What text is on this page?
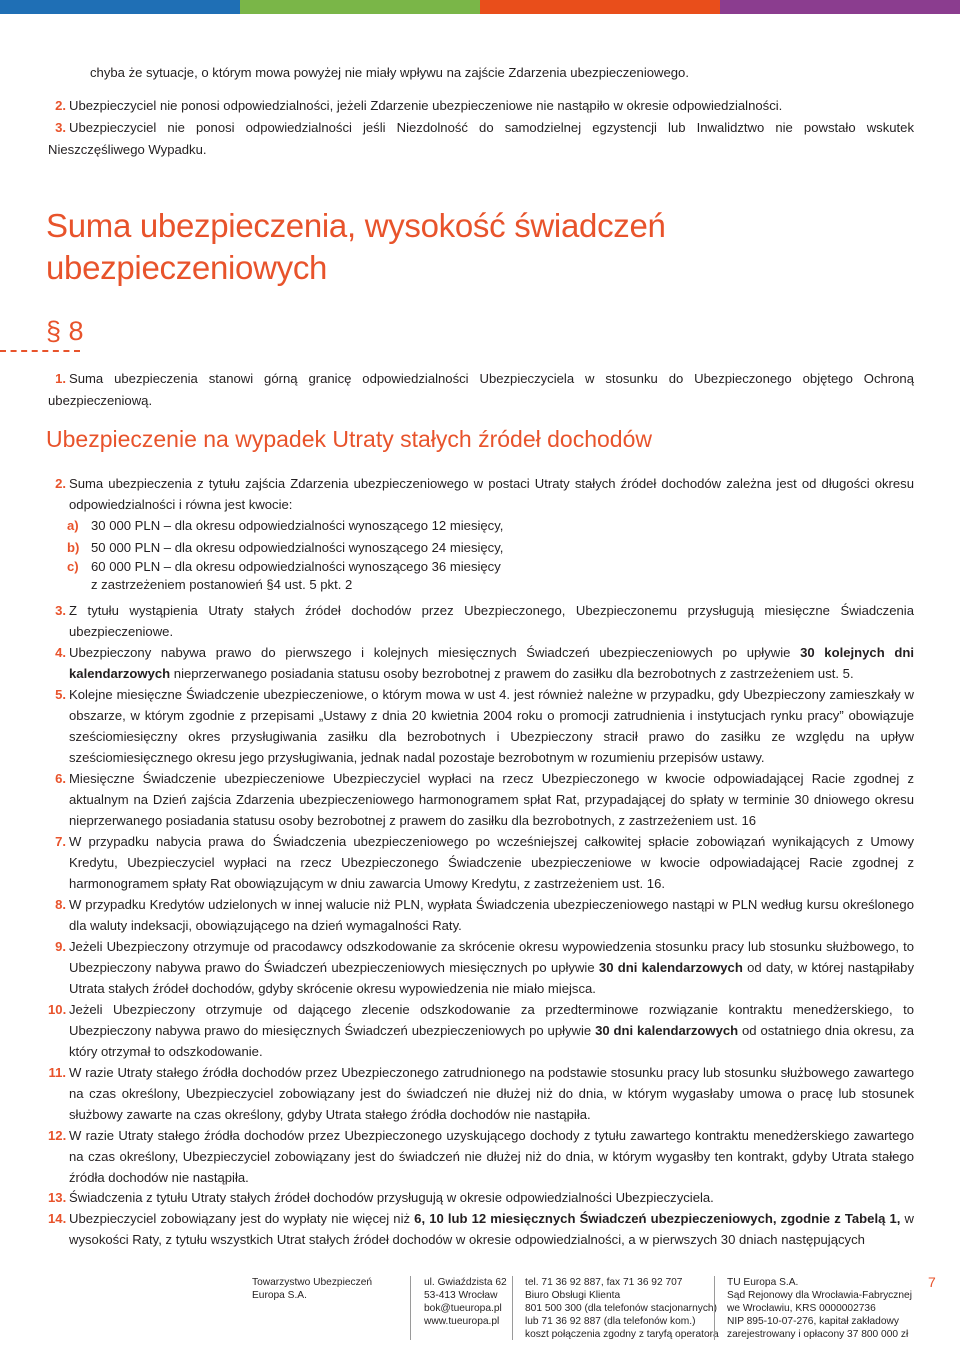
chyba że sytuacje, o którym mowa powyżej nie miały wpływu na zajście Zdarzenia ubezpieczeniowego.

2. Ubezpieczyciel nie ponosi odpowiedzialności, jeżeli Zdarzenie ubezpieczeniowe nie nastąpiło w okresie odpowiedzialności.
3. Ubezpieczyciel nie ponosi odpowiedzialności jeśli Niezdolność do samodzielnej egzystencji lub Inwalidztwo nie powstało wskutek Nieszczęśliwego Wypadku.
Suma ubezpieczenia, wysokość świadczeń ubezpieczeniowych
§ 8
1. Suma ubezpieczenia stanowi górną granicę odpowiedzialności Ubezpieczyciela w stosunku do Ubezpieczonego objętego Ochroną ubezpieczeniową.
Ubezpieczenie na wypadek Utraty stałych źródeł dochodów
2. Suma ubezpieczenia z tytułu zajścia Zdarzenia ubezpieczeniowego w postaci Utraty stałych źródeł dochodów zależna jest od długości okresu odpowiedzialności i równa jest kwocie:
a) 30 000 PLN – dla okresu odpowiedzialności wynoszącego 12 miesięcy,
b) 50 000 PLN – dla okresu odpowiedzialności wynoszącego 24 miesięcy,
c) 60 000 PLN – dla okresu odpowiedzialności wynoszącego 36 miesięcy
z zastrzeżeniem postanowień §4 ust. 5 pkt. 2
3. Z tytułu wystąpienia Utraty stałych źródeł dochodów przez Ubezpieczonego, Ubezpieczonemu przysługują miesięczne Świadczenia ubezpieczeniowe.
4. Ubezpieczony nabywa prawo do pierwszego i kolejnych miesięcznych Świadczeń ubezpieczeniowych po upływie 30 kolejnych dni kalendarzowych nieprzerwanego posiadania statusu osoby bezrobotnej z prawem do zasiłku dla bezrobotnych z zastrzeżeniem ust. 5.
5. Kolejne miesięczne Świadczenie ubezpieczeniowe, o którym mowa w ust 4. jest również należne w przypadku, gdy Ubezpieczony zamieszkały w obszarze, w którym zgodnie z przepisami „Ustawy z dnia 20 kwietnia 2004 roku o promocji zatrudnienia i instytucjach rynku pracy” obowiązuje sześciomiesięczny okres przysługiwania zasiłku dla bezrobotnych i Ubezpieczony stracił prawo do zasiłku ze względu na upływ sześciomiesięcznego okresu jego przysługiwania, jednak nadal pozostaje bezrobotnym w rozumieniu przepisów ustawy.
6. Miesięczne Świadczenie ubezpieczeniowe Ubezpieczyciel wypłaci na rzecz Ubezpieczonego w kwocie odpowiadającej Racie zgodnej z aktualnym na Dzień zajścia Zdarzenia ubezpieczeniowego harmonogramem spłat Rat, przypadającej do spłaty w terminie 30 dniowego okresu nieprzerwanego posiadania statusu osoby bezrobotnej z prawem do zasiłku dla bezrobotnych, z zastrzeżeniem ust. 16
7. W przypadku nabycia prawa do Świadczenia ubezpieczeniowego po wcześniejszej całkowitej spłacie zobowiązań wynikających z Umowy Kredytu, Ubezpieczyciel wypłaci na rzecz Ubezpieczonego Świadczenie ubezpieczeniowe w kwocie odpowiadającej Racie zgodnej z harmonogramem spłaty Rat obowiązującym w dniu zawarcia Umowy Kredytu, z zastrzeżeniem ust. 16.
8. W przypadku Kredytów udzielonych w innej walucie niż PLN, wypłata Świadczenia ubezpieczeniowego nastąpi w PLN według kursu określonego dla waluty indeksacji, obowiązującego na dzień wymagalności Raty.
9. Jeżeli Ubezpieczony otrzymuje od pracodawcy odszkodowanie za skrócenie okresu wypowiedzenia stosunku pracy lub stosunku służbowego, to Ubezpieczony nabywa prawo do Świadczeń ubezpieczeniowych miesięcznych po upływie 30 dni kalendarzowych od daty, w której nastąpiłaby Utrata stałych źródeł dochodów, gdyby skrócenie okresu wypowiedzenia nie miało miejsca.
10. Jeżeli Ubezpieczony otrzymuje od dającego zlecenie odszkodowanie za przedterminowe rozwiązanie kontraktu menedżerskiego, to Ubezpieczony nabywa prawo do miesięcznych Świadczeń ubezpieczeniowych po upływie 30 dni kalendarzowych od ostatniego dnia okresu, za który otrzymał to odszkodowanie.
11. W razie Utraty stałego źródła dochodów przez Ubezpieczonego zatrudnionego na podstawie stosunku pracy lub stosunku służbowego zawartego na czas określony, Ubezpieczyciel zobowiązany jest do świadczeń nie dłużej niż do dnia, w którym wygasłaby umowa o pracę lub stosunek służbowy zawarte na czas określony, gdyby Utrata stałego źródła dochodów nie nastąpiła.
12. W razie Utraty stałego źródła dochodów przez Ubezpieczonego uzyskującego dochody z tytułu zawartego kontraktu menedżerskiego zawartego na czas określony, Ubezpieczyciel zobowiązany jest do świadczeń nie dłużej niż do dnia, w którym wygasłby ten kontrakt, gdyby Utrata stałego źródła dochodów nie nastąpiła.
13. Świadczenia z tytułu Utraty stałych źródeł dochodów przysługują w okresie odpowiedzialności Ubezpieczyciela.
14. Ubezpieczyciel zobowiązany jest do wypłaty nie więcej niż 6, 10 lub 12 miesięcznych Świadczeń ubezpieczeniowych, zgodnie z Tabelą 1, w wysokości Raty, z tytułu wszystkich Utrat stałych źródeł dochodów w okresie odpowiedzialności, a w pierwszych 30 dniach następujących
Towarzystwo Ubezpieczeń
Europa S.A.
ul. Gwiaździsta 62
53-413 Wrocław
bok@tueuropa.pl
www.tueuropa.pl
tel. 71 36 92 887, fax 71 36 92 707
Biuro Obsługi Klienta
801 500 300 (dla telefonów stacjonarnych)
lub 71 36 92 887 (dla telefonów kom.)
koszt połączenia zgodny z taryfą operatora
TU Europa S.A.
Sąd Rejonowy dla Wrocławia-Fabrycznej
we Wrocławiu, KRS 0000002736
NIP 895-10-07-276, kapitał zakładowy
zarejestrowany i opłacony 37 800 000 zł
7
